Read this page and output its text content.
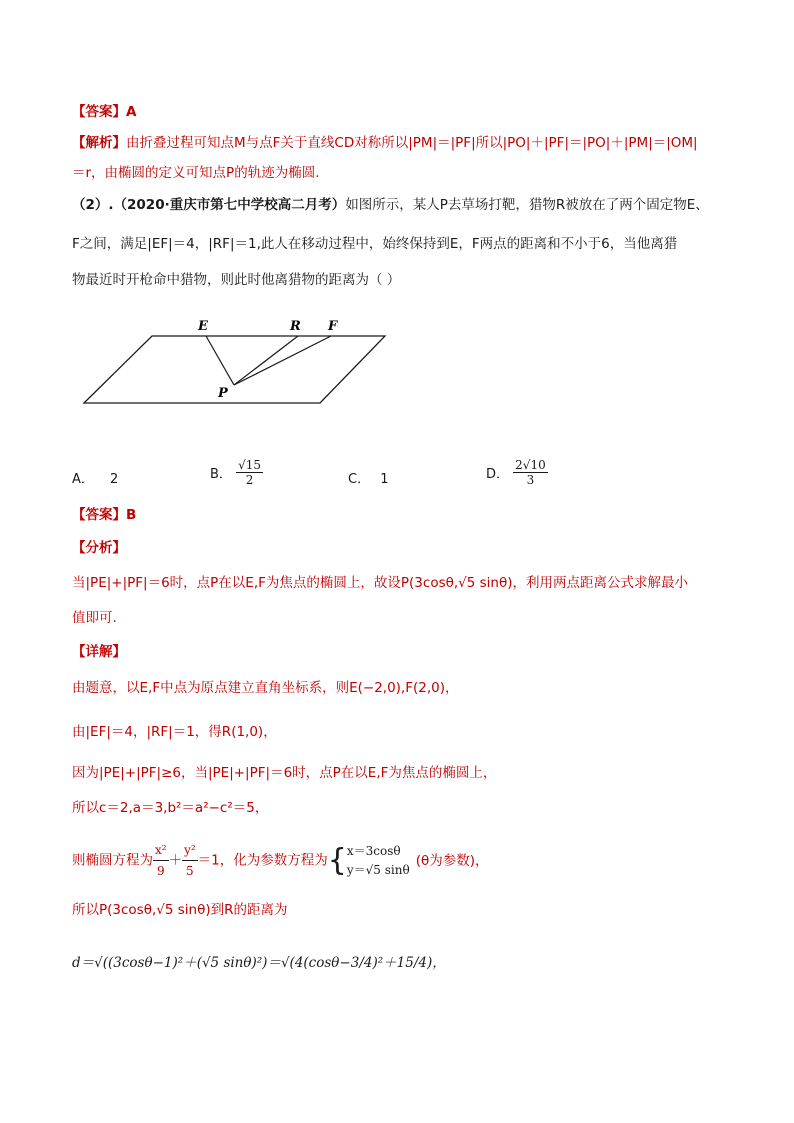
【答案】A
【解析】由折叠过程可知点M与点F关于直线CD对称所以|PM|＝|PF|所以|PO|＋|PF|＝|PO|＋|PM|＝|OM|
＝r，由椭圆的定义可知点P的轨迹为椭圆.
（2）.（2020·重庆市第七中学校高二月考）如图所示，某人P去草场打靶，猎物R被放在了两个固定物E、
F之间，满足|EF|＝4，|RF|＝1,此人在移动过程中，始终保持到E，F两点的距离和不小于6，当他离猎
物最近时开枪命中猎物，则此时他离猎物的距离为（ ）
E	R F
P
A． 2	B． $\frac{√15}{2}$	C． 1	D． $\frac{2√10}{3}$
【答案】B
【分析】
当|PE|+|PF|＝6时，点P在以E,F为焦点的椭圆上，故设P(3cosθ,√5 sinθ)，利用两点距离公式求解最小
值即可.
【详解】
由题意，以E,F中点为原点建立直角坐标系，则E(−2,0),F(2,0)，
由|EF|＝4，|RF|＝1，得R(1,0)，
因为|PE|+|PF|≥6，当|PE|+|PF|＝6时，点P在以E,F为焦点的椭圆上，
所以c＝2,a＝3,b²＝a²−c²＝5，
则椭圆方程为 $\frac{\text{x²}}{9} + \frac{\text{y²}}{5} =1$，化为参数方程为{ x＝3cosθ
y＝√5 sinθ
(θ为参数)，
所以P(3cosθ,√5 sinθ)到R的距离为
d＝√((3cosθ−1)²＋(√5 sinθ)²)＝√(4(cosθ−3/4)²＋15/4)，
